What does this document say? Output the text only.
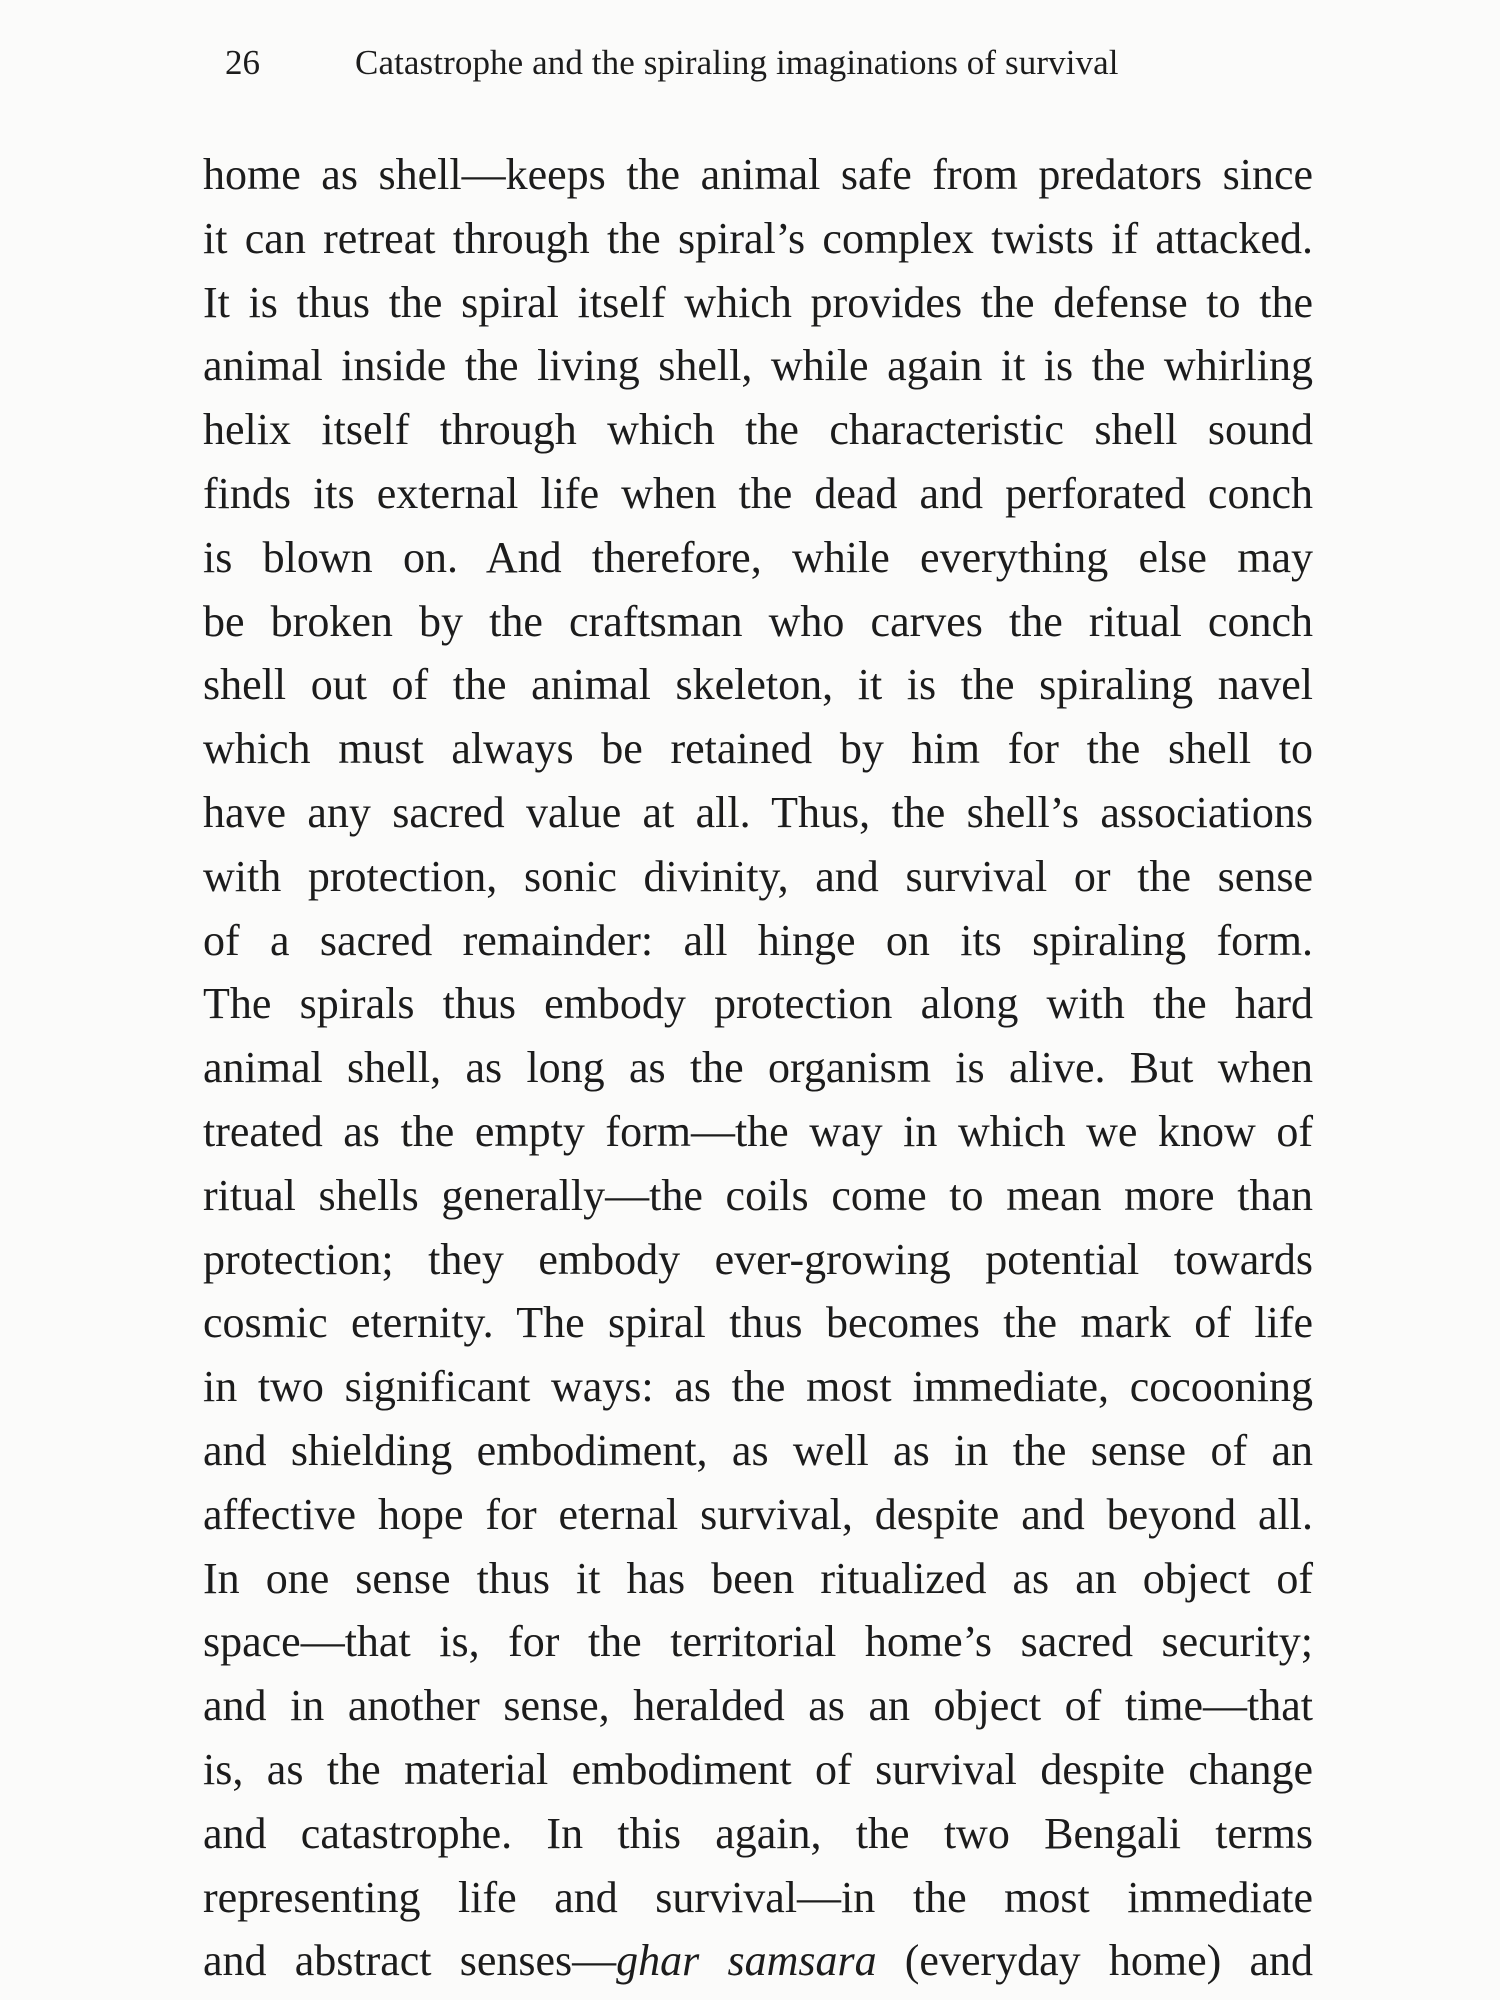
26	Catastrophe and the spiraling imaginations of survival
home as shell—keeps the animal safe from predators since
it can retreat through the spiral’s complex twists if attacked.
It is thus the spiral itself which provides the defense to the
animal inside the living shell, while again it is the whirling
helix itself through which the characteristic shell sound
finds its external life when the dead and perforated conch
is blown on. And therefore, while everything else may
be broken by the craftsman who carves the ritual conch
shell out of the animal skeleton, it is the spiraling navel
which must always be retained by him for the shell to
have any sacred value at all. Thus, the shell’s associations
with protection, sonic divinity, and survival or the sense
of a sacred remainder: all hinge on its spiraling form.
The spirals thus embody protection along with the hard
animal shell, as long as the organism is alive. But when
treated as the empty form—the way in which we know of
ritual shells generally—the coils come to mean more than
protection; they embody ever-growing potential towards
cosmic eternity. The spiral thus becomes the mark of life
in two significant ways: as the most immediate, cocooning
and shielding embodiment, as well as in the sense of an
affective hope for eternal survival, despite and beyond all.
In one sense thus it has been ritualized as an object of
space—that is, for the territorial home’s sacred security;
and in another sense, heralded as an object of time—that
is, as the material embodiment of survival despite change
and catastrophe. In this again, the two Bengali terms
representing life and survival—in the most immediate
and abstract senses—ghar samsara (everyday home) and
